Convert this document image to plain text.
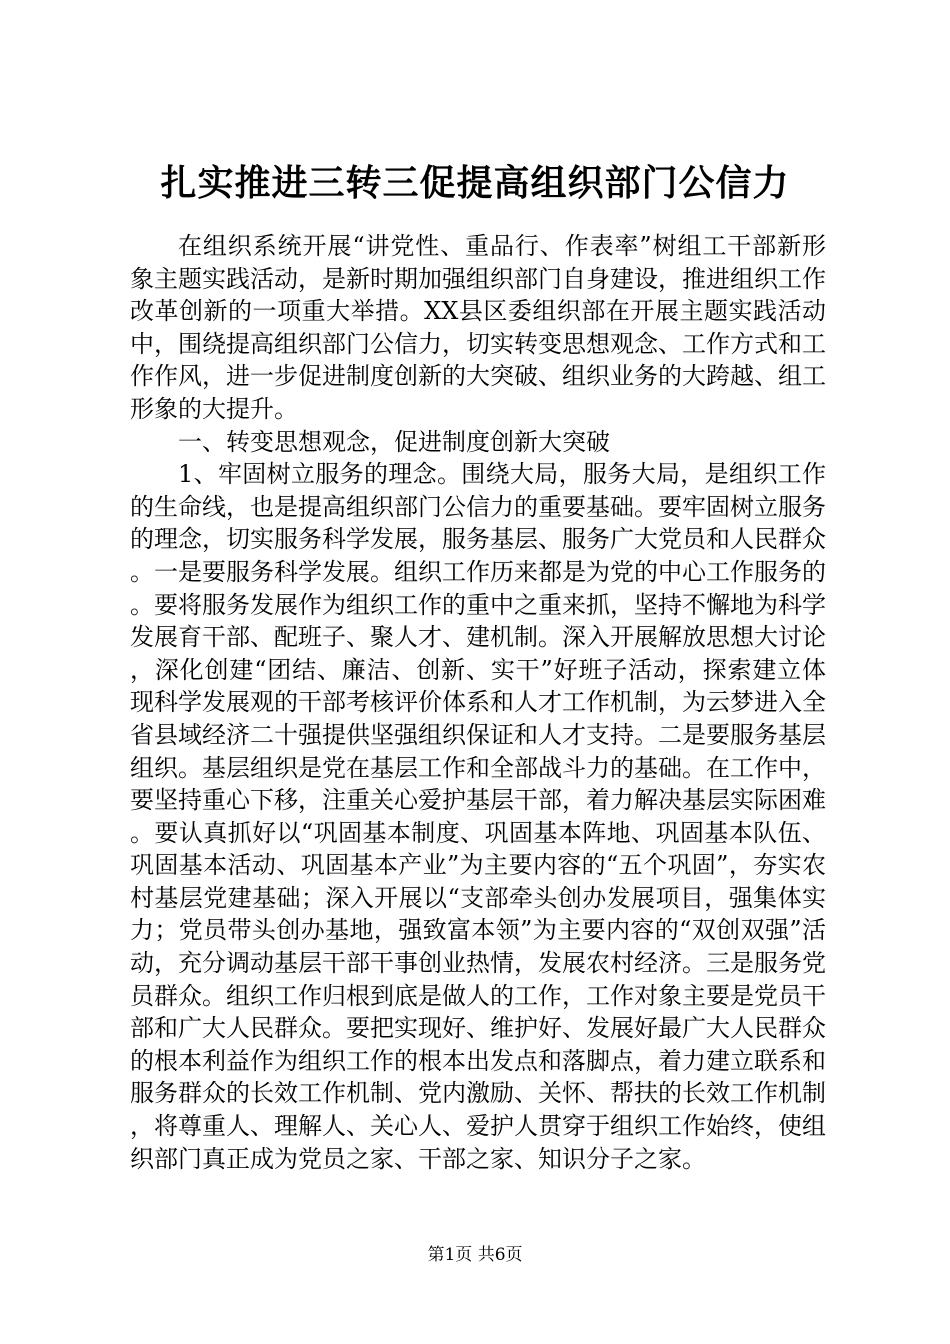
扎实推进三转三促提高组织部门公信力

在组织系统开展“讲党性、重品行、作表率”树组工干部新形象主题实践活动，是新时期加强组织部门自身建设，推进组织工作改革创新的一项重大举措。XX县区委组织部在开展主题实践活动中，围绕提高组织部门公信力，切实转变思想观念、工作方式和工作作风，进一步促进制度创新的大突破、组织业务的大跨越、组工形象的大提升。

一、转变思想观念，促进制度创新大突破

1、牢固树立服务的理念。围绕大局，服务大局，是组织工作的生命线，也是提高组织部门公信力的重要基础。要牢固树立服务的理念，切实服务科学发展，服务基层、服务广大党员和人民群众。一是要服务科学发展。组织工作历来都是为党的中心工作服务的。要将服务发展作为组织工作的重中之重来抓，坚持不懈地为科学发展育干部、配班子、聚人才、建机制。深入开展解放思想大讨论，深化创建“团结、廉洁、创新、实干”好班子活动，探索建立体现科学发展观的干部考核评价体系和人才工作机制，为云梦进入全省县域经济二十强提供坚强组织保证和人才支持。二是要服务基层组织。基层组织是党在基层工作和全部战斗力的基础。在工作中，要坚持重心下移，注重关心爱护基层干部，着力解决基层实际困难。要认真抓好以“巩固基本制度、巩固基本阵地、巩固基本队伍、巩固基本活动、巩固基本产业”为主要内容的“五个巩固”，夯实农村基层党建基础；深入开展以“支部牵头创办发展项目，强集体实力；党员带头创办基地，强致富本领”为主要内容的“双创双强”活动，充分调动基层干部干事创业热情，发展农村经济。三是服务党员群众。组织工作归根到底是做人的工作，工作对象主要是党员干部和广大人民群众。要把实现好、维护好、发展好最广大人民群众的根本利益作为组织工作的根本出发点和落脚点，着力建立联系和服务群众的长效工作机制、党内激励、关怀、帮扶的长效工作机制，将尊重人、理解人、关心人、爱护人贯穿于组织工作始终，使组织部门真正成为党员之家、干部之家、知识分子之家。

第1页 共6页
